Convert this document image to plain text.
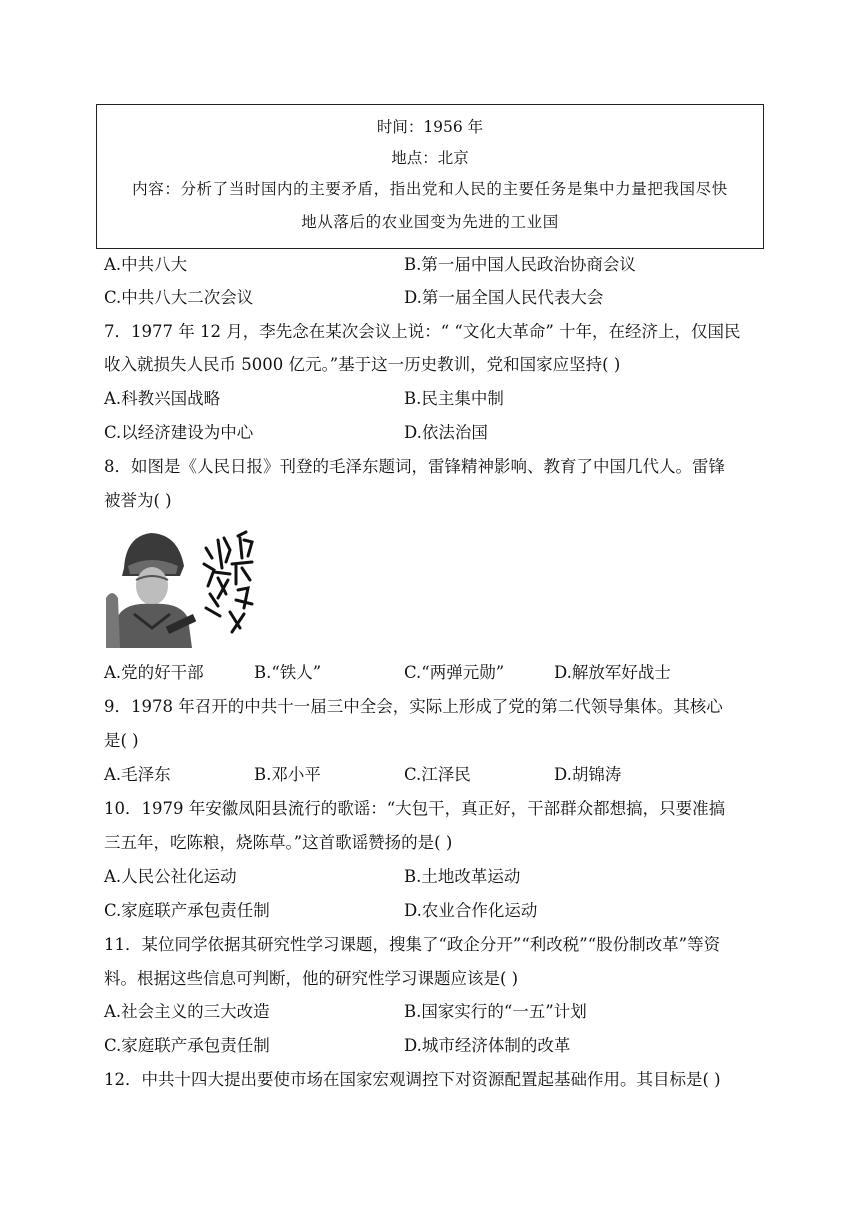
时间：1956 年
地点：北京
内容：分析了当时国内的主要矛盾，指出党和人民的主要任务是集中力量把我国尽快
地从落后的农业国变为先进的工业国
A.中共八大	B.第一届中国人民政治协商会议
C.中共八大二次会议	D.第一届全国人民代表大会
7．1977 年 12 月，李先念在某次会议上说：“ “文化大革命” 十年，在经济上，仅国民
收入就损失人民币 5000 亿元。”基于这一历史教训，党和国家应坚持( )
A.科教兴国战略	B.民主集中制
C.以经济建设为中心	D.依法治国
8．如图是《人民日报》刊登的毛泽东题词，雷锋精神影响、教育了中国几代人。雷锋
被誉为( )
A.党的好干部	B.“铁人”	C.“两弹元勋”	D.解放军好战士
9．1978 年召开的中共十一届三中全会，实际上形成了党的第二代领导集体。其核心
是( )
A.毛泽东	B.邓小平	C.江泽民	D.胡锦涛
10．1979 年安徽凤阳县流行的歌谣：“大包干，真正好，干部群众都想搞，只要准搞
三五年，吃陈粮，烧陈草。”这首歌谣赞扬的是( )
A.人民公社化运动	B.土地改革运动
C.家庭联产承包责任制	D.农业合作化运动
11．某位同学依据其研究性学习课题，搜集了“政企分开”“利改税”“股份制改革”等资
料。根据这些信息可判断，他的研究性学习课题应该是( )
A.社会主义的三大改造	B.国家实行的“一五”计划
C.家庭联产承包责任制	D.城市经济体制的改革
12．中共十四大提出要使市场在国家宏观调控下对资源配置起基础作用。其目标是( )
